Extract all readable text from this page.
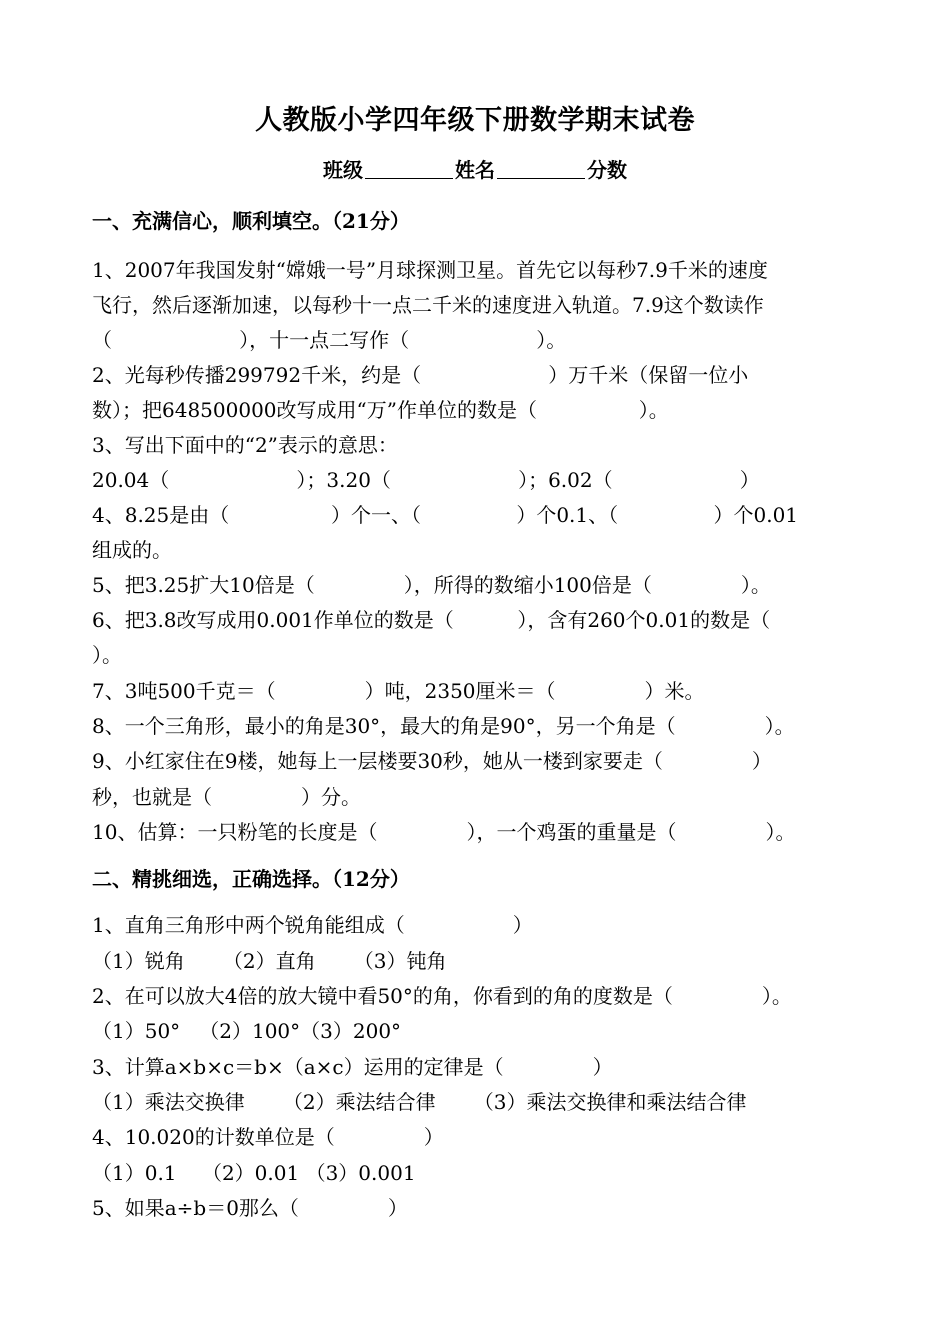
人教版小学四年级下册数学期末试卷
班级	姓名	分数
一、充满信心，顺利填空。（21分）
1、2007年我国发射“嫦娥一号”月球探测卫星。首先它以每秒7.9千米的速度
飞行，然后逐渐加速，以每秒十一点二千米的速度进入轨道。7.9这个数读作
（                    ），十一点二写作（                    ）。
2、光每秒传播299792千米，约是（                    ）万千米（保留一位小
数）；把648500000改写成用“万”作单位的数是（                ）。
3、写出下面中的“2”表示的意思：
20.04（                    ）；3.20（                    ）；6.02（                    ）
4、8.25是由（                ）个一、（               ）个0.1、（               ）个0.01
组成的。
5、把3.25扩大10倍是（              ），所得的数缩小100倍是（              ）。
6、把3.8改写成用0.001作单位的数是（          ），含有260个0.01的数是（
）。
7、3吨500千克＝（              ）吨，2350厘米＝（              ）米。
8、一个三角形，最小的角是30°，最大的角是90°，另一个角是（              ）。
9、小红家住在9楼，她每上一层楼要30秒，她从一楼到家要走（              ）
秒，也就是（              ）分。
10、估算：一只粉笔的长度是（              ），一个鸡蛋的重量是（              ）。
二、精挑细选，正确选择。（12分）
1、直角三角形中两个锐角能组成（                 ）
（1）锐角      （2）直角      （3）钝角
2、在可以放大4倍的放大镜中看50°的角，你看到的角的度数是（              ）。
（1）50°   （2）100°（3）200°
3、计算a×b×c＝b×（a×c）运用的定律是（              ）
（1）乘法交换律      （2）乘法结合律      （3）乘法交换律和乘法结合律
4、10.020的计数单位是（              ）
（1）0.1    （2）0.01 （3）0.001
5、如果a÷b＝0那么（              ）
